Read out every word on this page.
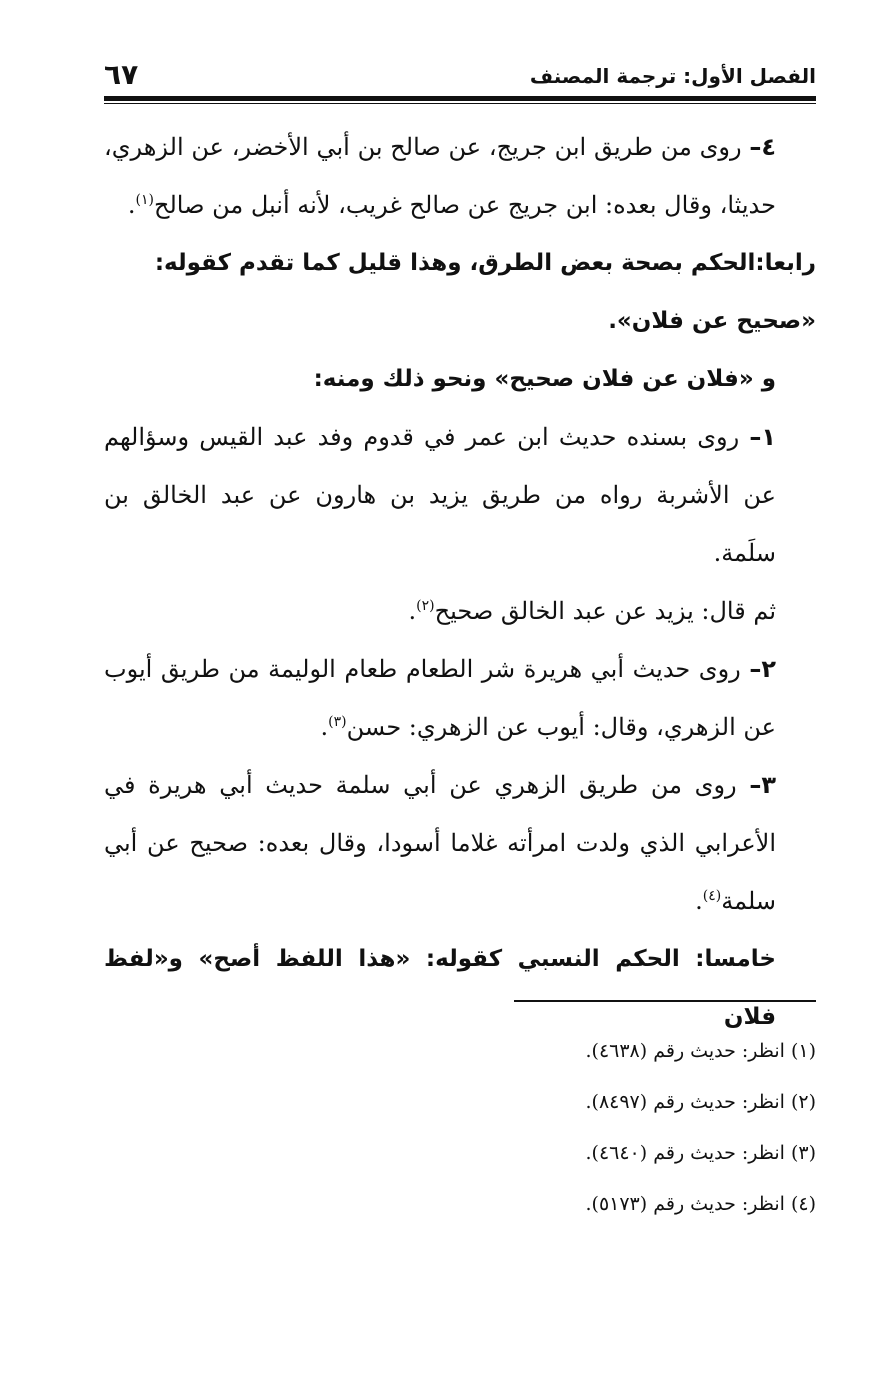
الفصل الأول: ترجمة المصنف
٦٧

٤– روى من طريق ابن جريج، عن صالح بن أبي الأخضر، عن الزهري، حديثا، وقال بعده: ابن جريج عن صالح غريب، لأنه أنبل من صالح$^{(١)}$.

رابعا:الحكم بصحة بعض الطرق، وهذا قليل كما تقدم كقوله:
«صحيح عن فلان».

و «فلان عن فلان صحيح» ونحو ذلك ومنه:

١– روى بسنده حديث ابن عمر في قدوم وفد عبد القيس وسؤالهم عن الأشربة رواه من طريق يزيد بن هارون عن عبد الخالق بن سلَمة.

ثم قال: يزيد عن عبد الخالق صحيح$^{(٢)}$.

٢– روى حديث أبي هريرة شر الطعام طعام الوليمة من طريق أيوب عن الزهري، وقال: أيوب عن الزهري: حسن$^{(٣)}$.

٣– روى من طريق الزهري عن أبي سلمة حديث أبي هريرة في الأعرابي الذي ولدت امرأته غلاما أسودا، وقال بعده: صحيح عن أبي سلمة$^{(٤)}$.

خامسا: الحكم النسبي كقوله: «هذا اللفظ أصح» و«لفظ فلان

(١) انظر: حديث رقم (٤٦٣٨).
(٢) انظر: حديث رقم (٨٤٩٧).
(٣) انظر: حديث رقم (٤٦٤٠).
(٤) انظر: حديث رقم (٥١٧٣).
